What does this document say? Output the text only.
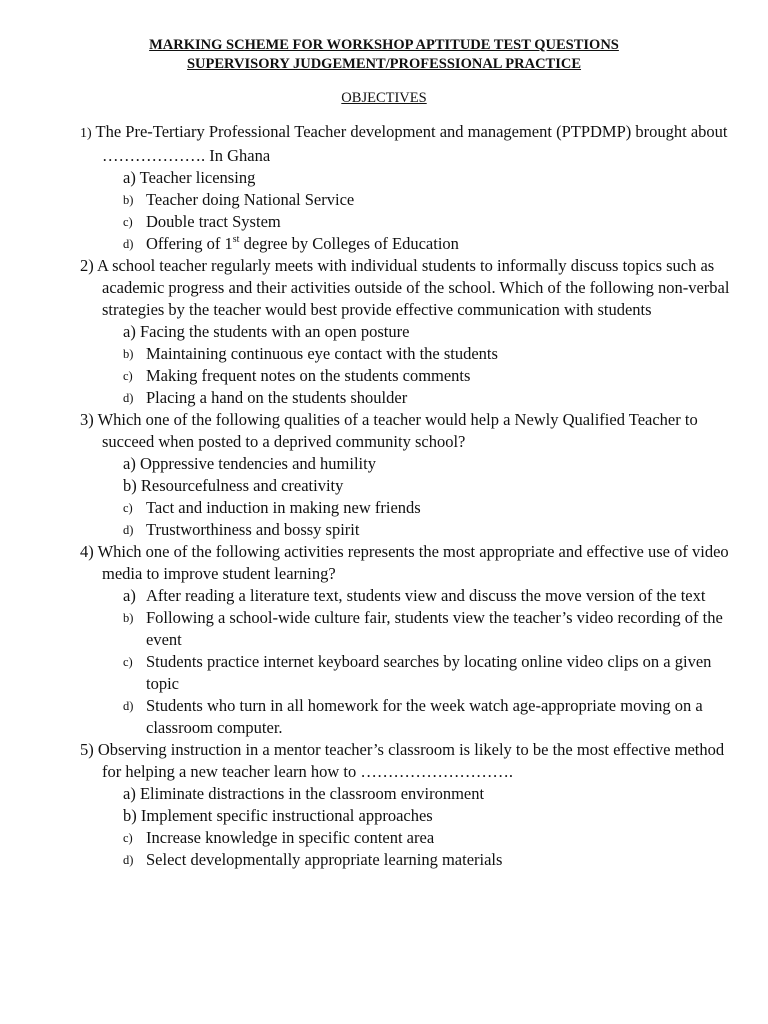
MARKING SCHEME FOR WORKSHOP APTITUDE TEST QUESTIONS

SUPERVISORY JUDGEMENT/PROFESSIONAL PRACTICE

OBJECTIVES

1) The Pre-Tertiary Professional Teacher development and management (PTPDMP) brought about

………………. In Ghana

a) Teacher licensing
b) Teacher doing National Service
c) Double tract System
d) Offering of 1st degree by Colleges of Education

2) A school teacher regularly meets with individual students to informally discuss topics such as academic progress and their activities outside of the school. Which of the following non-verbal strategies by the teacher would best provide effective communication with students

a) Facing the students with an open posture
b) Maintaining continuous eye contact with the students
c) Making frequent notes on the students comments
d) Placing a hand on the students shoulder

3) Which one of the following qualities of a teacher would help a Newly Qualified Teacher to succeed when posted to a deprived community school?

a) Oppressive tendencies and humility
b) Resourcefulness and creativity
c) Tact and induction in making new friends
d) Trustworthiness and bossy spirit

4) Which one of the following activities represents the most appropriate and effective use of video media to improve student learning?

a) After reading a literature text, students view and discuss the move version of the text
b) Following a school-wide culture fair, students view the teacher’s video recording of the event
c) Students practice internet keyboard searches by locating online video clips on a given topic
d) Students who turn in all homework for the week watch age-appropriate moving on a classroom computer.

5) Observing instruction in a mentor teacher’s classroom is likely to be the most effective method for helping a new teacher learn how to ……………………….

a) Eliminate distractions in the classroom environment
b) Implement specific instructional approaches
c) Increase knowledge in specific content area
d) Select developmentally appropriate learning materials
